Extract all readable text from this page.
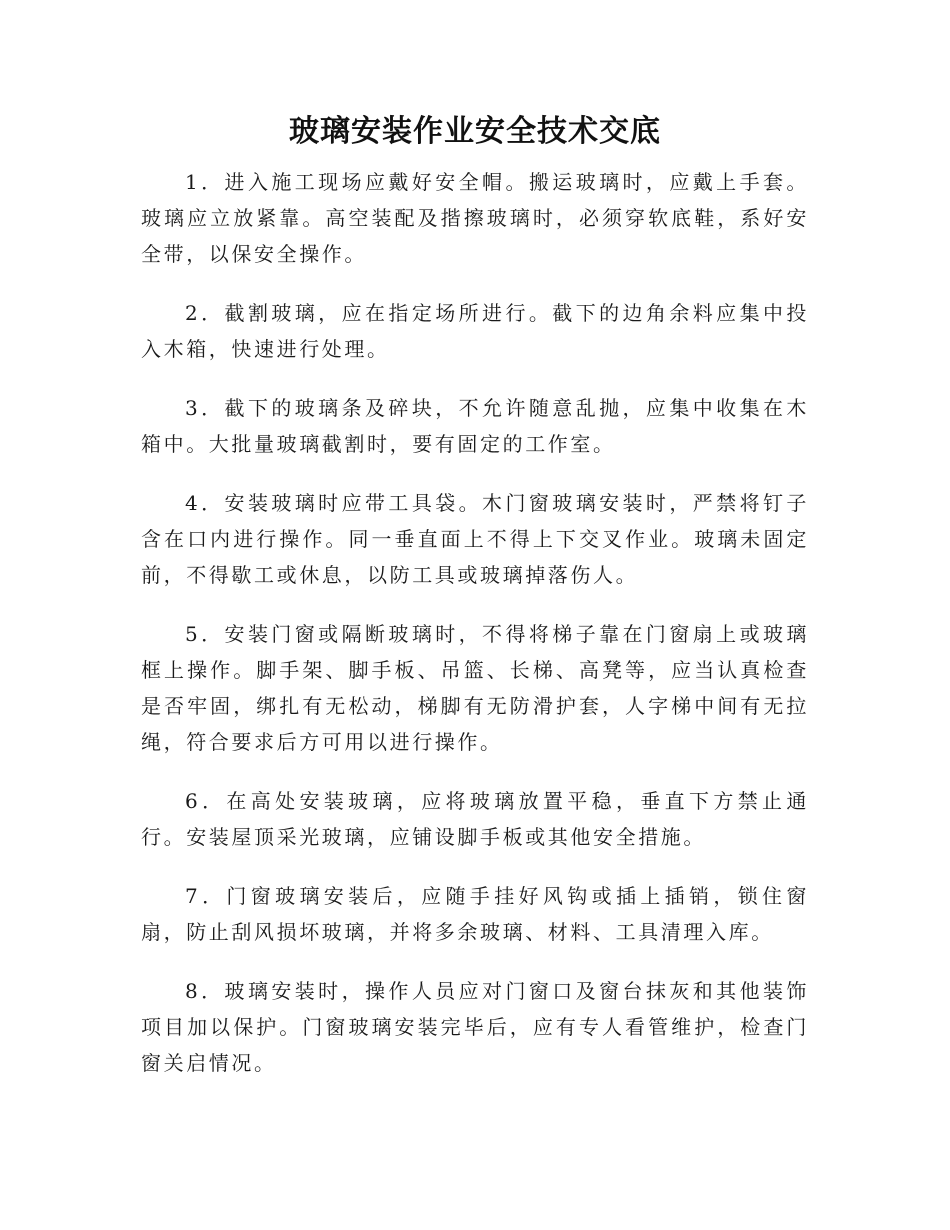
玻璃安装作业安全技术交底

1．进入施工现场应戴好安全帽。搬运玻璃时，应戴上手套。玻璃应立放紧靠。高空装配及揩擦玻璃时，必须穿软底鞋，系好安全带，以保安全操作。

2．截割玻璃，应在指定场所进行。截下的边角余料应集中投入木箱，快速进行处理。

3．截下的玻璃条及碎块，不允许随意乱抛，应集中收集在木箱中。大批量玻璃截割时，要有固定的工作室。

4．安装玻璃时应带工具袋。木门窗玻璃安装时，严禁将钉子含在口内进行操作。同一垂直面上不得上下交叉作业。玻璃未固定前，不得歇工或休息，以防工具或玻璃掉落伤人。

5．安装门窗或隔断玻璃时，不得将梯子靠在门窗扇上或玻璃框上操作。脚手架、脚手板、吊篮、长梯、高凳等，应当认真检查是否牢固，绑扎有无松动，梯脚有无防滑护套，人字梯中间有无拉绳，符合要求后方可用以进行操作。

6．在高处安装玻璃，应将玻璃放置平稳，垂直下方禁止通行。安装屋顶采光玻璃，应铺设脚手板或其他安全措施。

7．门窗玻璃安装后，应随手挂好风钩或插上插销，锁住窗扇，防止刮风损坏玻璃，并将多余玻璃、材料、工具清理入库。

8．玻璃安装时，操作人员应对门窗口及窗台抹灰和其他装饰项目加以保护。门窗玻璃安装完毕后，应有专人看管维护，检查门窗关启情况。
